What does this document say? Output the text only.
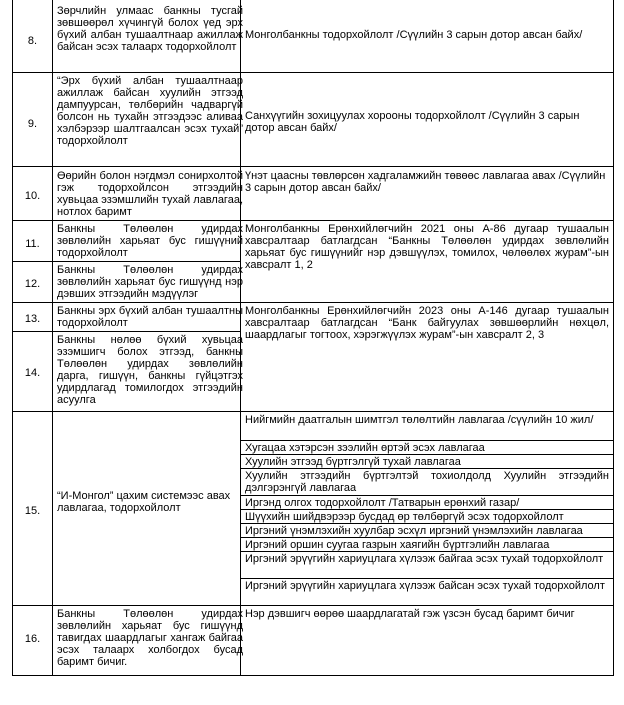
8.
Зөрчлийн улмаас банкны тусгай зөвшөөрөл хүчингүй болох үед эрх бүхий албан тушаалтнаар ажиллаж байсан эсэх талаарх тодорхойлолт
Монголбанкны тодорхойлолт /Сүүлийн 3 сарын дотор авсан байх/
9.
“Эрх бүхий албан тушаалтнаар ажиллаж байсан хуулийн этгээд дампуурсан, төлбөрийн чадваргүй болсон нь тухайн этгээдээс аливаа хэлбэрээр шалтгаалсан эсэх тухай” тодорхойлолт
Санхүүгийн зохицуулах хорооны тодорхойлолт /Сүүлийн 3 сарын дотор авсан байх/
10.
Өөрийн болон нэгдмэл сонирхолтой гэж тодорхойлсон этгээдийн хувьцаа эзэмшлийн тухай лавлагаа, нотлох баримт
Үнэт цаасны төвлөрсөн хадгаламжийн төвөөс лавлагаа авах /Сүүлийн 3 сарын дотор авсан байх/
11.
Банкны Төлөөлөн удирдах зөвлөлийн харьяат бус гишүүний тодорхойлолт
12.
Банкны Төлөөлөн удирдах зөвлөлийн харьяат бус гишүүнд нэр дэвших этгээдийн мэдүүлэг
Монголбанкны Ерөнхийлөгчийн 2021 оны А-86 дугаар тушаалын хавсралтаар батлагдсан “Банкны Төлөөлөн удирдах зөвлөлийн харьяат бус гишүүнийг нэр дэвшүүлэх, томилох, чөлөөлөх журам”-ын хавсралт 1, 2
13.
Банкны эрх бүхий албан тушаалтны тодорхойлолт
14.
Банкны нөлөө бүхий хувьцаа эзэмшигч болох этгээд, банкны Төлөөлөн удирдах зөвлөлийн дарга, гишүүн, банкны гүйцэтгэх удирдлагад томилогдох этгээдийн асуулга
Монголбанкны Ерөнхийлөгчийн 2023 оны А-146 дугаар тушаалын хавсралтаар батлагдсан “Банк байгуулах зөвшөөрлийн нөхцөл, шаардлагыг тогтоох, хэрэгжүүлэх журам”-ын хавсралт 2, 3
15.
“И-Монгол” цахим системээс авах лавлагаа, тодорхойлолт
Нийгмийн даатгалын шимтгэл төлөлтийн лавлагаа /сүүлийн 10 жил/
Хугацаа хэтэрсэн зээлийн өртэй эсэх лавлагаа
Хуулийн этгээд бүртгэлгүй тухай лавлагаа
Хуулийн этгээдийн бүртгэлтэй тохиолдолд Хуулийн этгээдийн дэлгэрэнгүй лавлагаа
Иргэнд олгох тодорхойлолт /Татварын ерөнхий газар/
Шүүхийн шийдвэрээр бусдад өр төлбөргүй эсэх тодорхойлолт
Иргэний үнэмлэхийн хуулбар эсхүл иргэний үнэмлэхийн лавлагаа
Иргэний оршин суугаа газрын хаягийн бүртгэлийн лавлагаа
Иргэний эрүүгийн хариуцлага хүлээж байгаа эсэх тухай тодорхойлолт
Иргэний эрүүгийн хариуцлага хүлээж байсан эсэх тухай тодорхойлолт
16.
Банкны Төлөөлөн удирдах зөвлөлийн харьяат бус гишүүнд тавигдах шаардлагыг хангаж байгаа эсэх талаарх холбогдох бусад баримт бичиг.
Нэр дэвшигч өөрөө шаардлагатай гэж үзсэн бусад баримт бичиг
